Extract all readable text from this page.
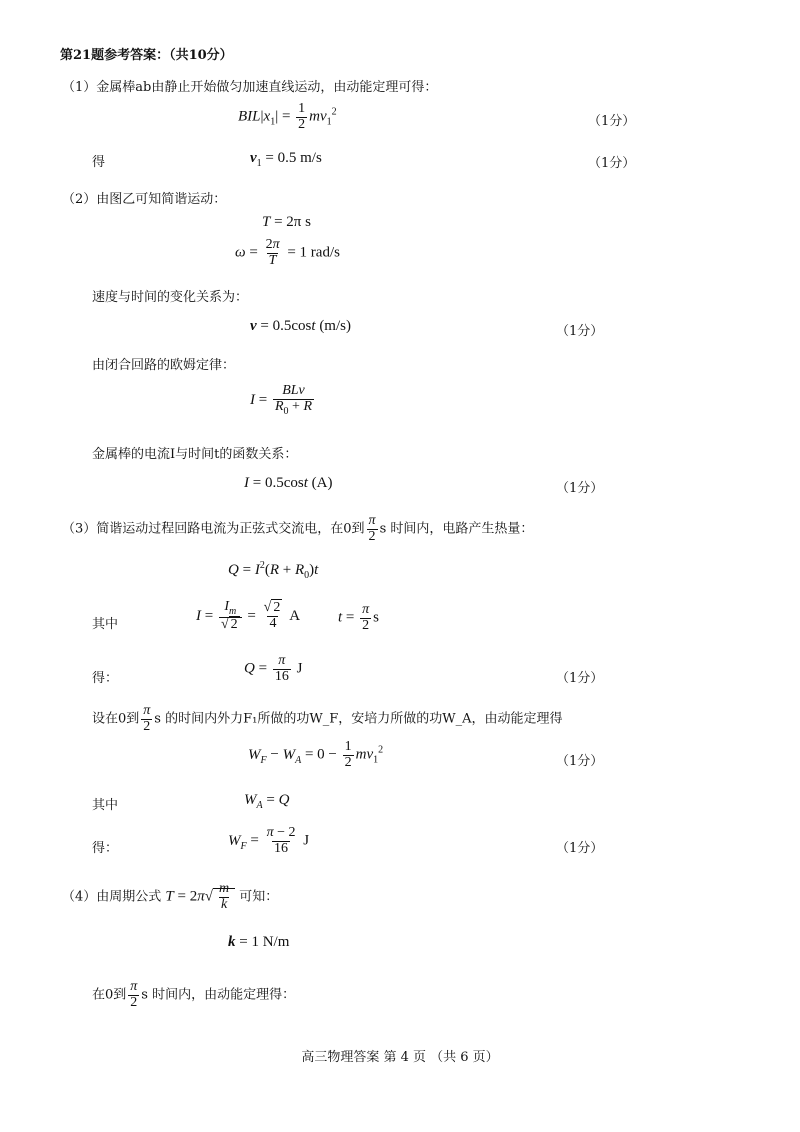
第21题参考答案：（共10分）
（1）金属棒ab由静止开始做匀加速直线运动，由动能定理可得：
$BIL|x_1| = \frac{1}{2} mv_1^2$
（1分）
得	$v_1 = 0.5$ m/s	（1分）
（2）由图乙可知简谐运动：
T = 2π s
$\omega = \frac{2\pi}{T} = 1$ rad/s
速度与时间的变化关系为：
v = 0.5cost (m/s)	（1分）
由闭合回路的欧姆定律：
$I = \frac{\text{BLv}}{R_0 + R}$
金属棒的电流I与时间t的函数关系：
I = 0.5cost (A)	（1分）
（3）简谐运动过程回路电流为正弦式交流电，在0到 $\frac{\pi}{2}$ s 时间内，电路产生热量：
$Q = I^2(R + R_0)t$
其中
$I = \frac{I_m}{√ 2} = \frac{√ 2}{4}$ A	$t = \frac{\pi}{2}$ s
得：
$Q = \frac{\pi}{16}$ J
（1分）
设在0到 $\frac{\pi}{2}$ s 的时间内外力F₁所做的功W_F，安培力所做的功W_A，由动能定理得
$W_F - W_A = 0 - \frac{1}{2} mv_1^2$
（1分）
其中	$W_A = Q$
得：	$W_F = \frac{\pi - 2}{16}$ J	（1分）
（4）由周期公式 $T = 2\pi√ \frac{m}{k}$ 可知：
k = 1 N/m
在0到 $\frac{\pi}{2}$ s 时间内，由动能定理得：
高三物理答案 第 4 页 （共 6 页）
